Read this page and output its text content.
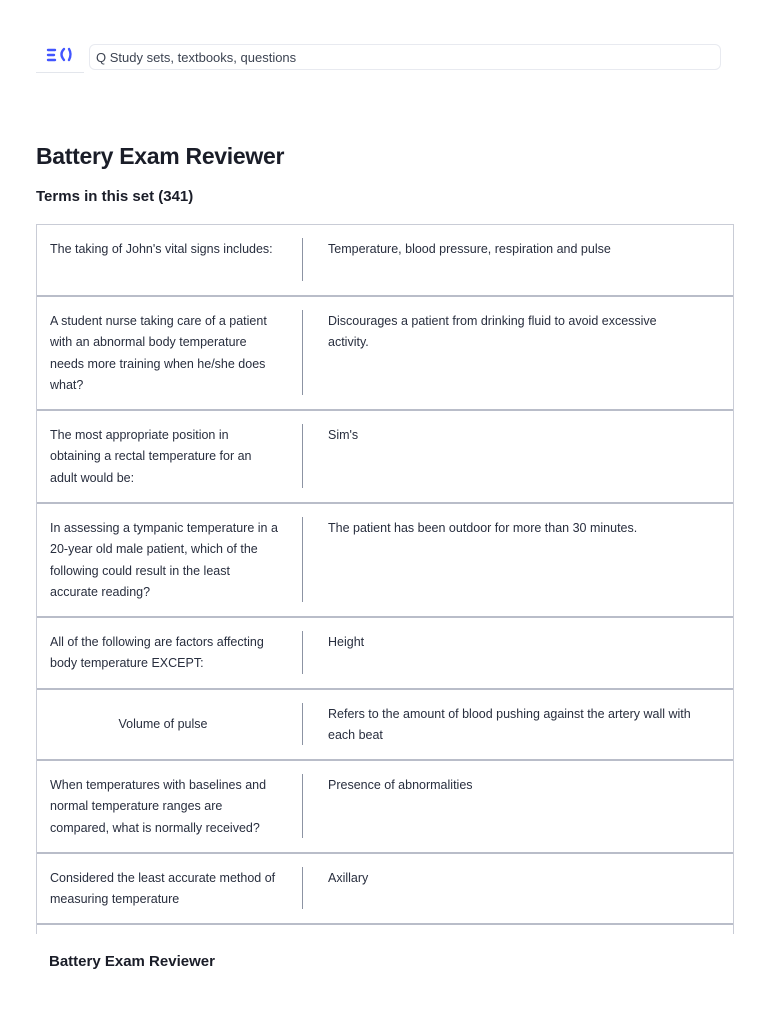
Q Study sets, textbooks, questions
Battery Exam Reviewer
Terms in this set (341)
The taking of John's vital signs includes:	Temperature, blood pressure, respiration and pulse
A student nurse taking care of a patient with an abnormal body temperature needs more training when he/she does what?
Discourages a patient from drinking fluid to avoid excessive activity.
The most appropriate position in obtaining a rectal temperature for an adult would be:
Sim's
In assessing a tympanic temperature in a 20-year old male patient, which of the following could result in the least accurate reading?
The patient has been outdoor for more than 30 minutes.
All of the following are factors affecting body temperature EXCEPT:
Height
Volume of pulse
Refers to the amount of blood pushing against the artery wall with each beat
When temperatures with baselines and normal temperature ranges are compared, what is normally received?
Presence of abnormalities
Considered the least accurate method of measuring temperature
Axillary
Battery Exam Reviewer
